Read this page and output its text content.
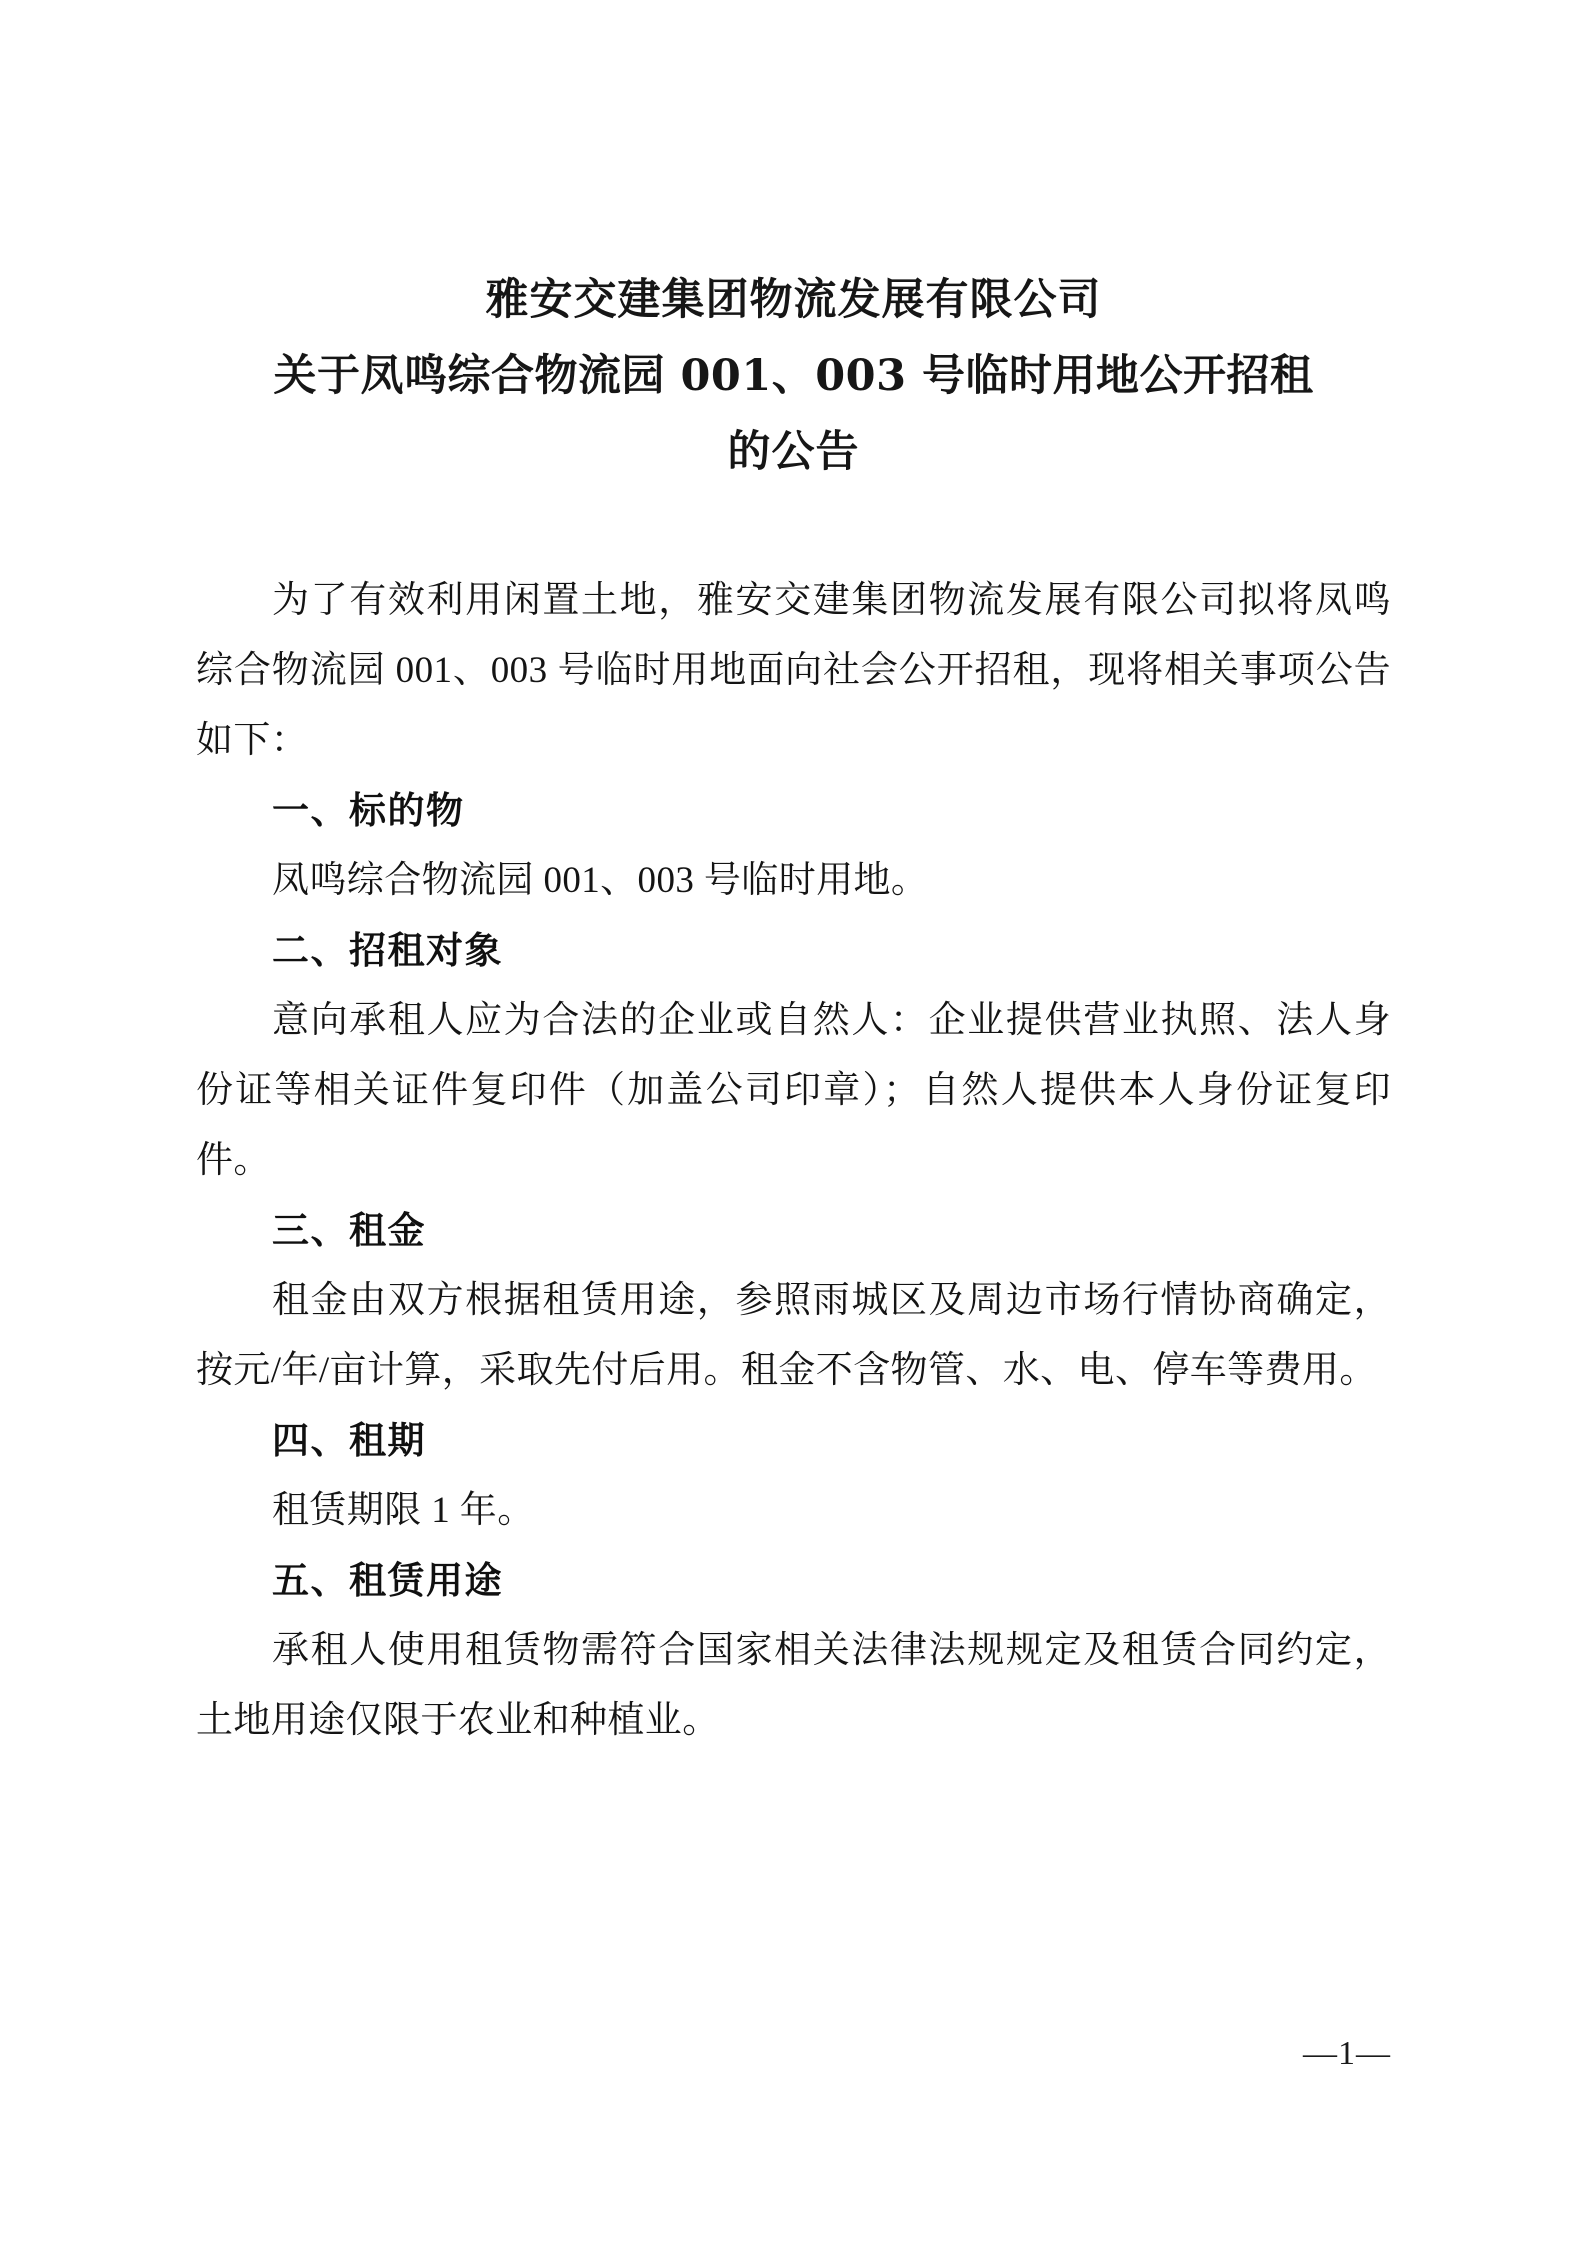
雅安交建集团物流发展有限公司
关于凤鸣综合物流园 001、003 号临时用地公开招租
的公告

为了有效利用闲置土地，雅安交建集团物流发展有限公司拟将凤鸣综合物流园 001、003 号临时用地面向社会公开招租，现将相关事项公告如下：

一、标的物

凤鸣综合物流园 001、003 号临时用地。

二、招租对象

意向承租人应为合法的企业或自然人：企业提供营业执照、法人身份证等相关证件复印件（加盖公司印章）；自然人提供本人身份证复印件。

三、租金

租金由双方根据租赁用途，参照雨城区及周边市场行情协商确定，按元/年/亩计算，采取先付后用。租金不含物管、水、电、停车等费用。

四、租期

租赁期限 1 年。

五、租赁用途

承租人使用租赁物需符合国家相关法律法规规定及租赁合同约定，土地用途仅限于农业和种植业。

—1—
